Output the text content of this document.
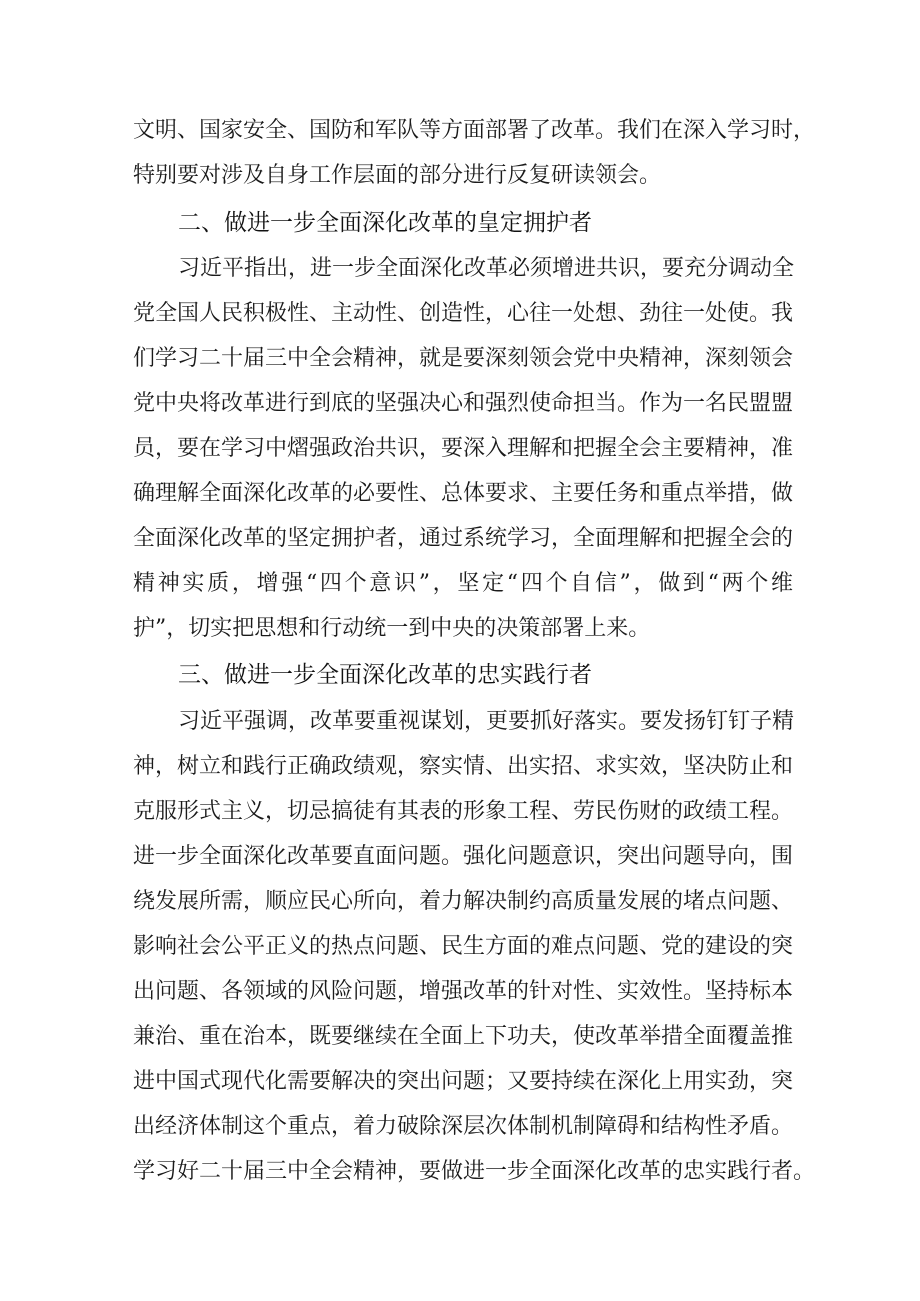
文明、国家安全、国防和军队等方面部署了改革。我们在深入学习时，
特别要对涉及自身工作层面的部分进行反复研读领会。
二、做进一步全面深化改革的皇定拥护者
习近平指出，进一步全面深化改革必须增进共识，要充分调动全
党全国人民积极性、主动性、创造性，心往一处想、劲往一处使。我
们学习二十届三中全会精神，就是要深刻领会党中央精神，深刻领会
党中央将改革进行到底的坚强决心和强烈使命担当。作为一名民盟盟
员，要在学习中熠强政治共识，要深入理解和把握全会主要精神，准
确理解全面深化改革的必要性、总体要求、主要任务和重点举措，做
全面深化改革的坚定拥护者，通过系统学习，全面理解和把握全会的
精神实质，增强“四个意识”，坚定“四个自信”，做到“两个维
护”，切实把思想和行动统一到中央的决策部署上来。
三、做进一步全面深化改革的忠实践行者
习近平强调，改革要重视谋划，更要抓好落实。要发扬钉钉子精
神，树立和践行正确政绩观，察实情、出实招、求实效，坚决防止和
克服形式主义，切忌搞徒有其表的形象工程、劳民伤财的政绩工程。
进一步全面深化改革要直面问题。强化问题意识，突出问题导向，围
绕发展所需，顺应民心所向，着力解决制约高质量发展的堵点问题、
影响社会公平正义的热点问题、民生方面的难点问题、党的建设的突
出问题、各领域的风险问题，增强改革的针对性、实效性。坚持标本
兼治、重在治本，既要继续在全面上下功夫，使改革举措全面覆盖推
进中国式现代化需要解决的突出问题；又要持续在深化上用实劲，突
出经济体制这个重点，着力破除深层次体制机制障碍和结构性矛盾。
学习好二十届三中全会精神，要做进一步全面深化改革的忠实践行者。
